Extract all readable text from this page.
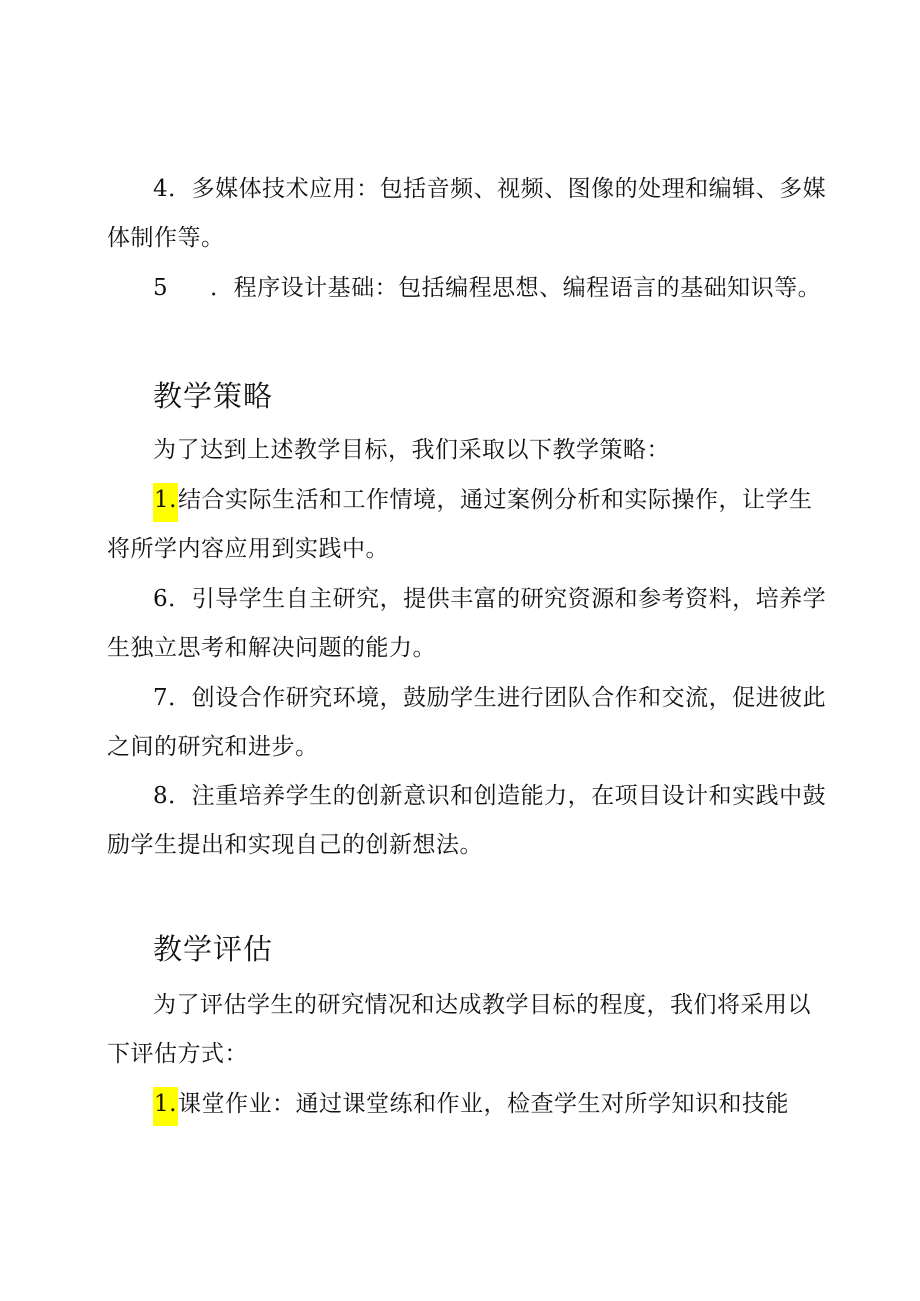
4．多媒体技术应用：包括音频、视频、图像的处理和编辑、多媒
体制作等。
5 ．程序设计基础：包括编程思想、编程语言的基础知识等。
教学策略
为了达到上述教学目标，我们采取以下教学策略：
1.结合实际生活和工作情境，通过案例分析和实际操作，让学生
将所学内容应用到实践中。
6．引导学生自主研究，提供丰富的研究资源和参考资料，培养学
生独立思考和解决问题的能力。
7．创设合作研究环境，鼓励学生进行团队合作和交流，促进彼此
之间的研究和进步。
8．注重培养学生的创新意识和创造能力，在项目设计和实践中鼓
励学生提出和实现自己的创新想法。
教学评估
为了评估学生的研究情况和达成教学目标的程度，我们将采用以
下评估方式：
1.课堂作业：通过课堂练和作业，检查学生对所学知识和技能
